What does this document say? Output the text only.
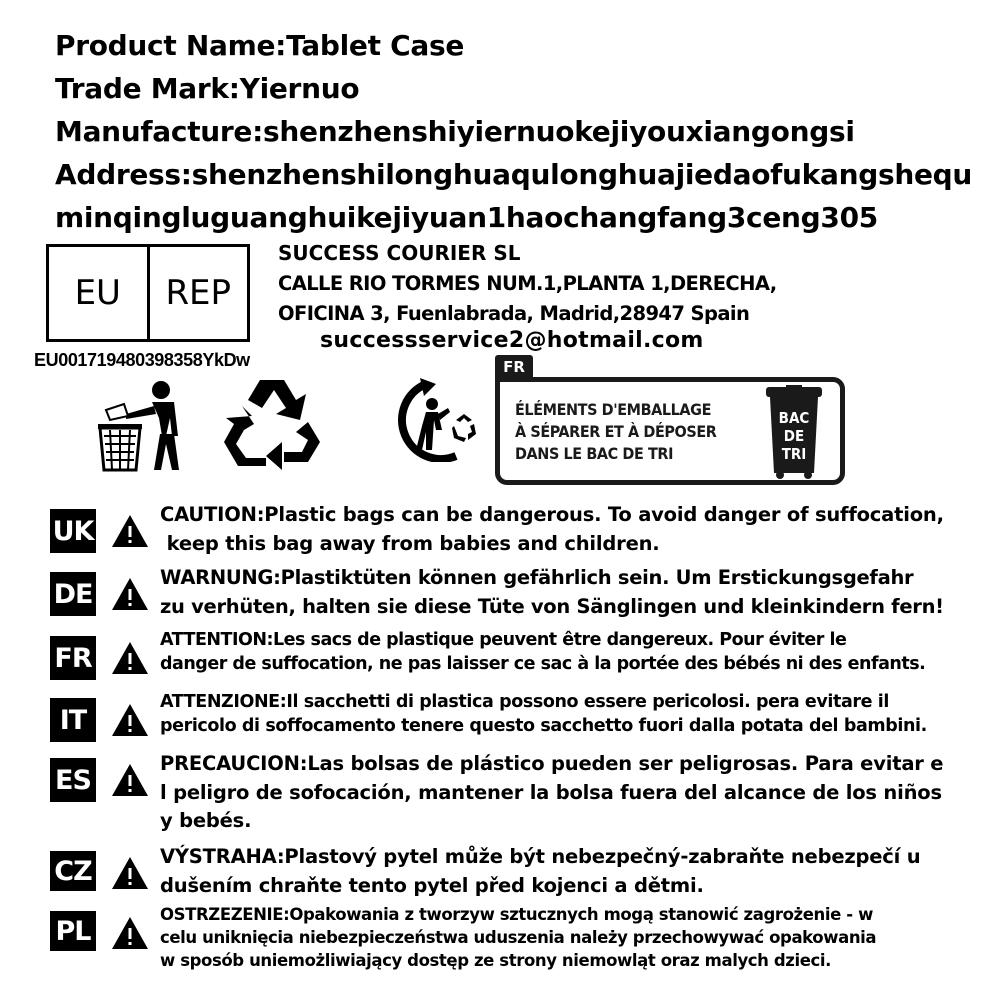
Product Name:Tablet Case
Trade Mark:Yiernuo
Manufacture:shenzhenshiyiernuokejiyouxiangongsi
Address:shenzhenshilonghuaqulonghuajiedaofukangshequ
minqingluguanghuikejiyuan1haochangfang3ceng305
EU	REP
EU001719480398358YkDw
SUCCESS COURIER SL
CALLE RIO TORMES NUM.1,PLANTA 1,DERECHA,
OFICINA 3, Fuenlabrada, Madrid,28947 Spain
successservice2@hotmail.com
FR
ÉLÉMENTS D'EMBALLAGE
À SÉPARER ET À DÉPOSER
DANS LE BAC DE TRI
BAC
DE
TRI
UK
CAUTION:Plastic bags can be dangerous. To avoid danger of suffocation,
keep this bag away from babies and children.
DE
WARNUNG:Plastiktüten können gefährlich sein. Um Erstickungsgefahr
zu verhüten, halten sie diese Tüte von Sänglingen und kleinkindern fern!
FR
ATTENTION:Les sacs de plastique peuvent être dangereux. Pour éviter le
danger de suffocation, ne pas laisser ce sac à la portée des bébés ni des enfants.
IT
ATTENZIONE:Il sacchetti di plastica possono essere pericolosi. pera evitare il
pericolo di soffocamento tenere questo sacchetto fuori dalla potata del bambini.
ES
PRECAUCION:Las bolsas de plástico pueden ser peligrosas. Para evitar e
l peligro de sofocación, mantener la bolsa fuera del alcance de los niños
y bebés.
CZ	VÝSTRAHA:Plastový pytel může být nebezpečný-zabraňte nebezpečí u
dušením chraňte tento pytel před kojenci a dětmi.
PL
OSTRZEZENIE:Opakowania z tworzyw sztucznych mogą stanowić zagrożenie - w
celu uniknięcia niebezpieczeństwa uduszenia należy przechowywać opakowania
w sposób uniemożliwiający dostęp ze strony niemowląt oraz malych dzieci.
